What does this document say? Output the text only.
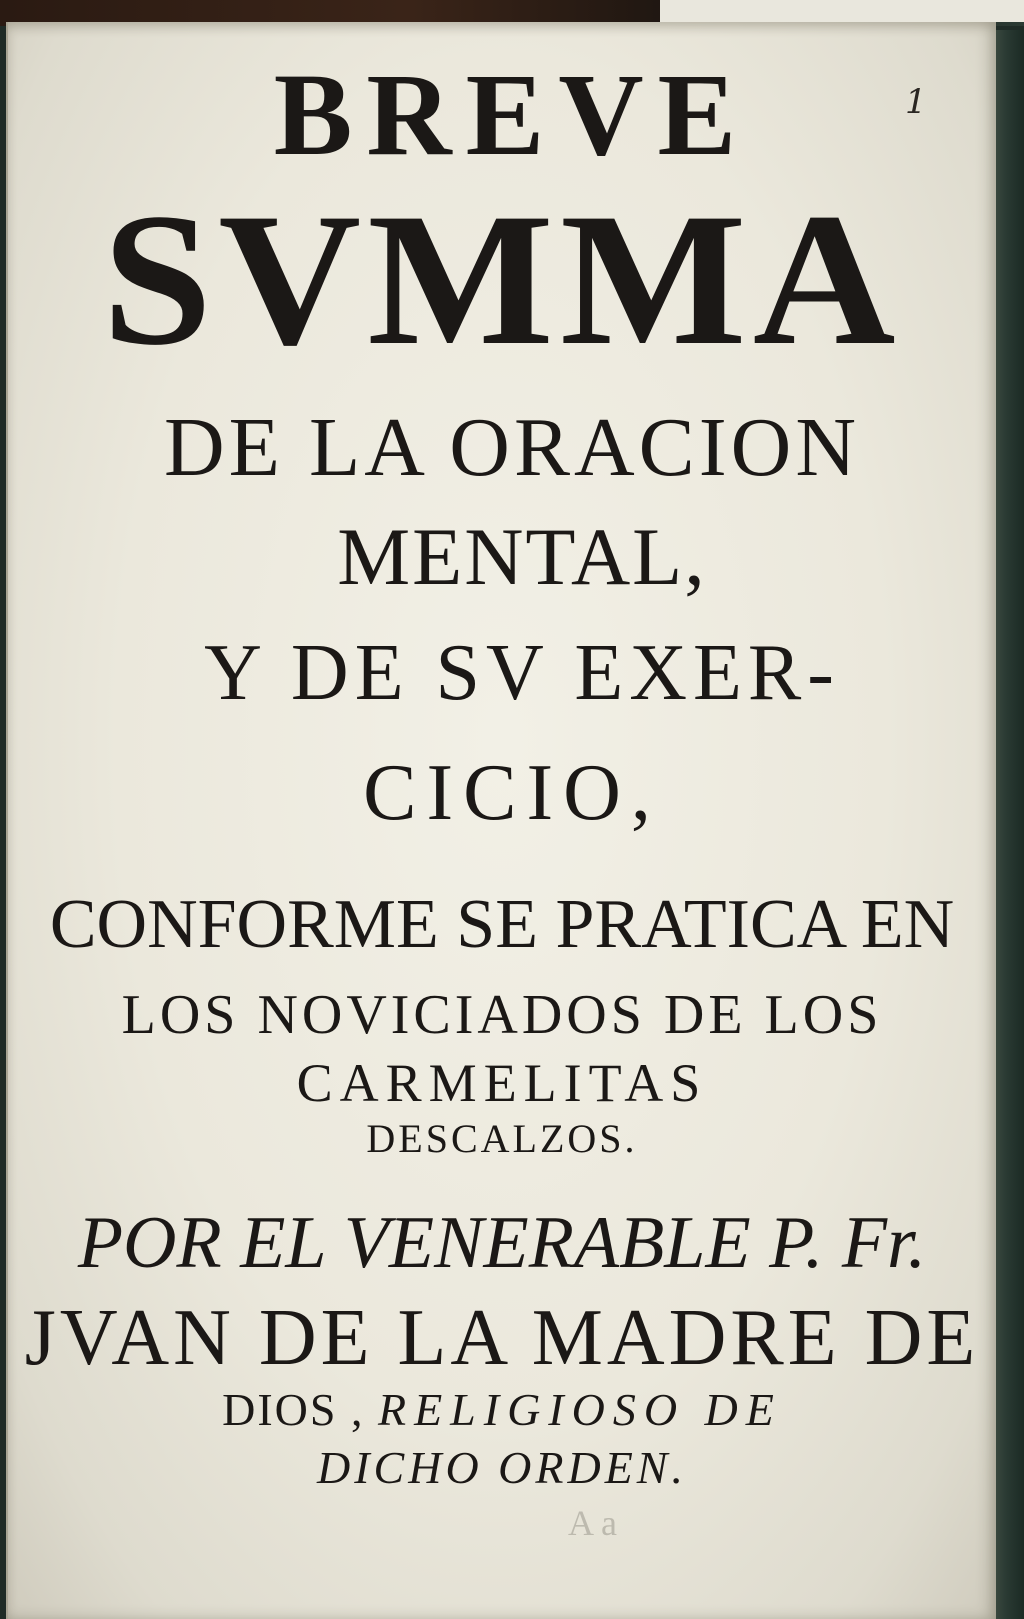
1

BREVE

SVMMA

DE LA ORACION

MENTAL,

Y DE SV EXER-

CICIO,

CONFORME SE PRATICA EN

LOS NOVICIADOS DE LOS

CARMELITAS

DESCALZOS.

POR EL VENERABLE P. Fr.

JVAN DE LA MADRE DE

DIOS , RELIGIOSO DE

DICHO ORDEN.

A a
